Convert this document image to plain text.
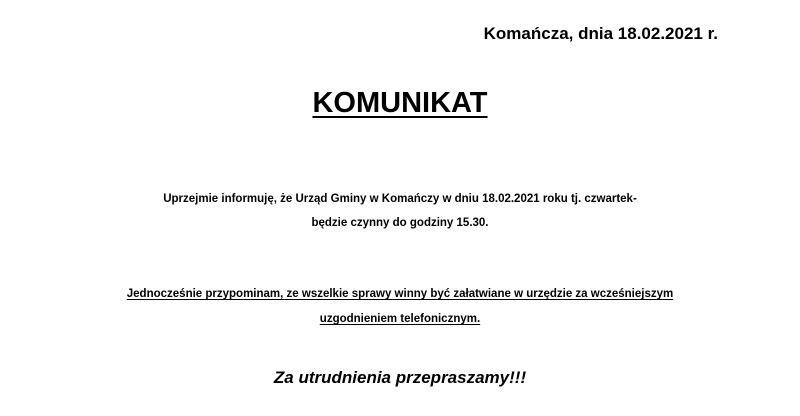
Komańcza, dnia 18.02.2021 r.
KOMUNIKAT
Uprzejmie informuję, że Urząd Gminy w Komańczy w dniu 18.02.2021 roku tj. czwartek-
będzie czynny do godziny 15.30.
Jednocześnie przypominam, ze wszelkie sprawy winny być załatwiane w urzędzie za wcześniejszym
uzgodnieniem telefonicznym.
Za utrudnienia przepraszamy!!!
